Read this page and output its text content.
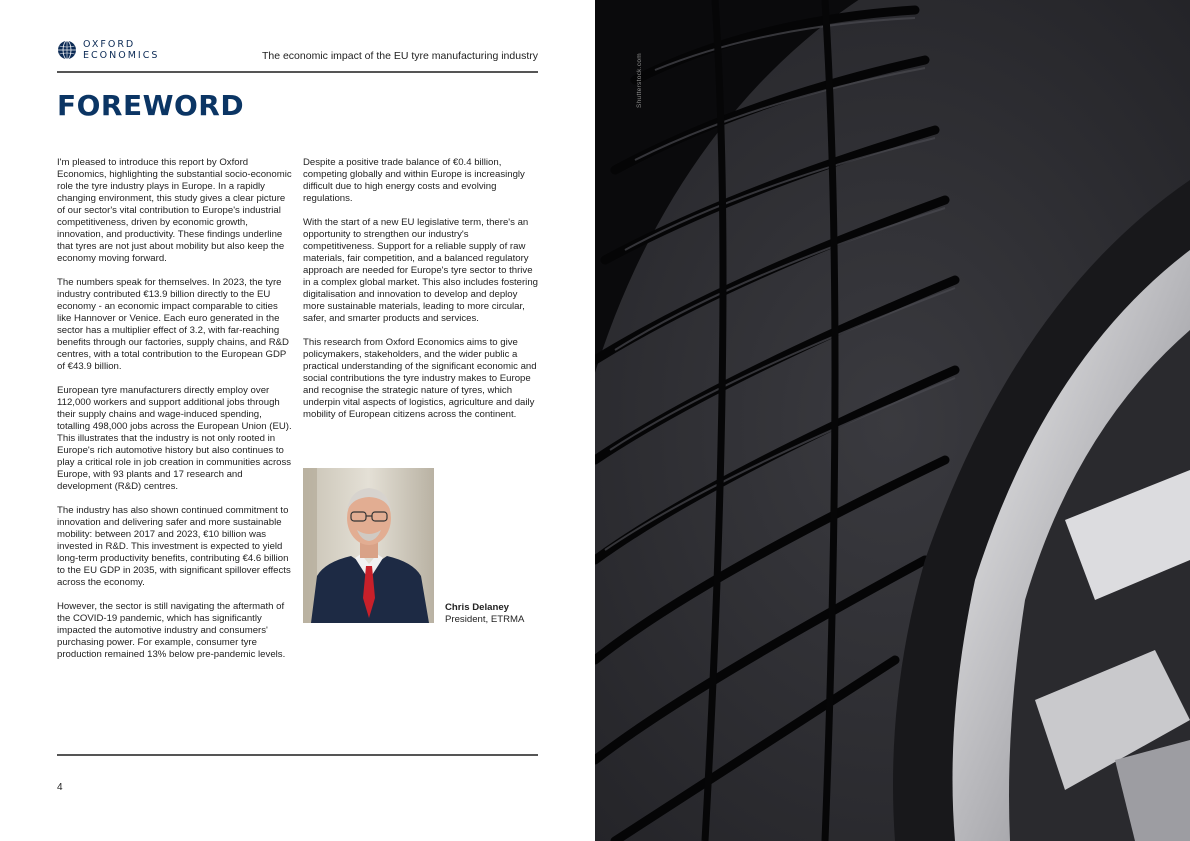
OXFORD
ECONOMICS	The economic impact of the EU tyre manufacturing industry
FOREWORD

I'm pleased to introduce this report by Oxford Economics, highlighting the substantial socio-economic role the tyre industry plays in Europe. In a rapidly changing environment, this study gives a clear picture of our sector's vital contribution to Europe's industrial competitiveness, driven by economic growth, innovation, and productivity. These findings underline that tyres are not just about mobility but also keep the economy moving forward.

The numbers speak for themselves. In 2023, the tyre industry contributed €13.9 billion directly to the EU economy - an economic impact comparable to cities like Hannover or Venice. Each euro generated in the sector has a multiplier effect of 3.2, with far-reaching benefits through our factories, supply chains, and R&D centres, with a total contribution to the European GDP of €43.9 billion.

European tyre manufacturers directly employ over 112,000 workers and support additional jobs through their supply chains and wage-induced spending, totalling 498,000 jobs across the European Union (EU). This illustrates that the industry is not only rooted in Europe's rich automotive history but also continues to play a critical role in job creation in communities across Europe, with 93 plants and 17 research and development (R&D) centres.

The industry has also shown continued commitment to innovation and delivering safer and more sustainable mobility: between 2017 and 2023, €10 billion was invested in R&D. This investment is expected to yield long-term productivity benefits, contributing €4.6 billion to the EU GDP in 2035, with significant spillover effects across the economy.

However, the sector is still navigating the aftermath of the COVID-19 pandemic, which has significantly impacted the automotive industry and consumers' purchasing power. For example, consumer tyre production remained 13% below pre-pandemic levels.

Despite a positive trade balance of €0.4 billion, competing globally and within Europe is increasingly difficult due to high energy costs and evolving regulations.

With the start of a new EU legislative term, there's an opportunity to strengthen our industry's competitiveness. Support for a reliable supply of raw materials, fair competition, and a balanced regulatory approach are needed for Europe's tyre sector to thrive in a complex global market. This also includes fostering digitalisation and innovation to develop and deploy more sustainable materials, leading to more circular, safer, and smarter products and services.

This research from Oxford Economics aims to give policymakers, stakeholders, and the wider public a practical understanding of the significant economic and social contributions the tyre industry makes to Europe and recognise the strategic nature of tyres, which underpin vital aspects of logistics, agriculture and daily mobility of European citizens across the continent.

Chris Delaney
President, ETRMA
4
Shutterstock.com
